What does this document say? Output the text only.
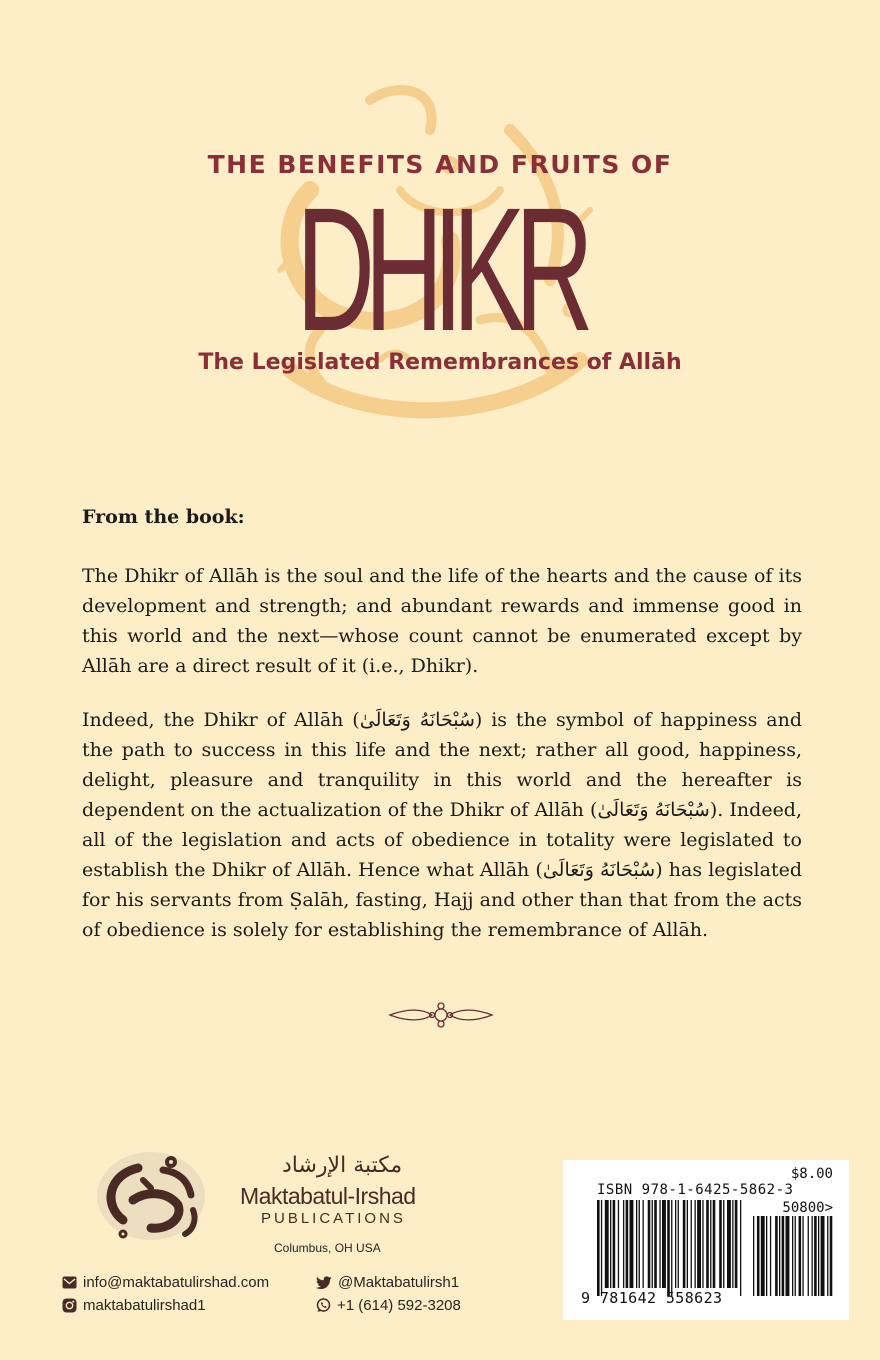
THE BENEFITS AND FRUITS OF
DHIKR
The Legislated Remembrances of Allāh
From the book:
The Dhikr of Allāh is the soul and the life of the hearts and the cause of its development and strength; and abundant rewards and immense good in this world and the next—whose count cannot be enumerated except by Allāh are a direct result of it (i.e., Dhikr).
Indeed, the Dhikr of Allāh (سُبْحَانَهُ وَتَعَالَىٰ) is the symbol of happiness and the path to success in this life and the next; rather all good, happiness, delight, pleasure and tranquility in this world and the hereafter is dependent on the actualization of the Dhikr of Allāh (سُبْحَانَهُ وَتَعَالَىٰ). Indeed, all of the legislation and acts of obedience in totality were legislated to establish the Dhikr of Allāh. Hence what Allāh (سُبْحَانَهُ وَتَعَالَىٰ) has legislated for his servants from Ṣalāh, fasting, Hajj and other than that from the acts of obedience is solely for establishing the remembrance of Allāh.
مكتبة الإرشاد
Maktabatul-Irshad
PUBLICATIONS
Columbus, OH USA
info@maktabatulirshad.com
maktabatulirshad1
@Maktabatulirsh1
+1 (614) 592-3208
$8.00
ISBN 978-1-6425-5862-3
50800>
9 781642 558623
